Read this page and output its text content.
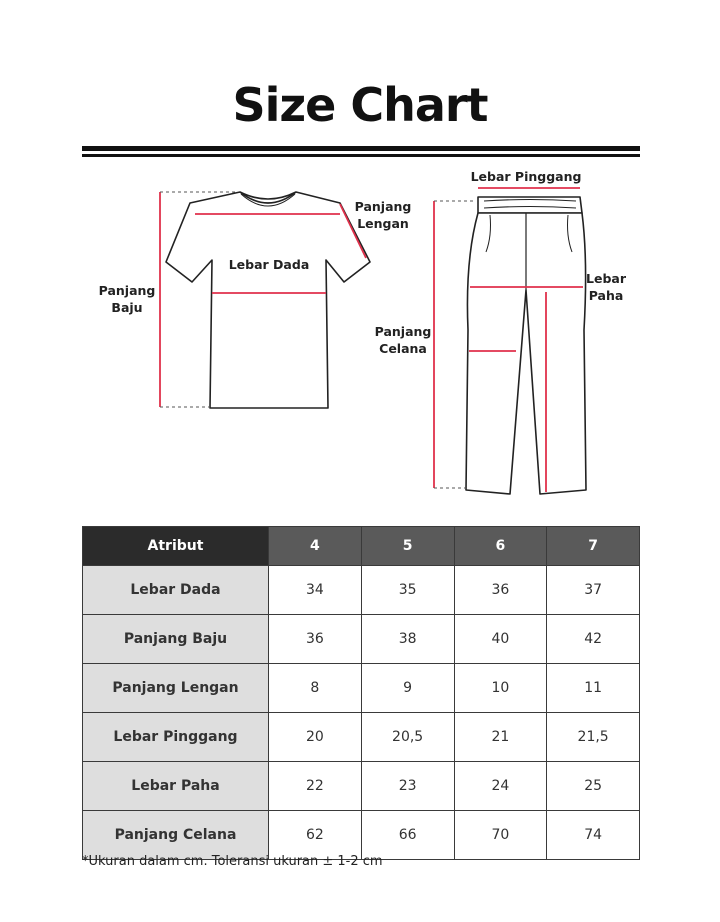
Size Chart
Panjang
Baju
Panjang
Lengan
Lebar Dada
Lebar Pinggang
Lebar
Paha
Panjang
Celana
Atribut	4	5	6	7
Lebar Dada	34	35	36	37
Panjang Baju	36	38	40	42
Panjang Lengan	8	9	10	11
Lebar Pinggang	20	20,5	21	21,5
Lebar Paha	22	23	24	25
Panjang Celana	62	66	70	74
*Ukuran dalam cm. Toleransi ukuran ± 1-2 cm
